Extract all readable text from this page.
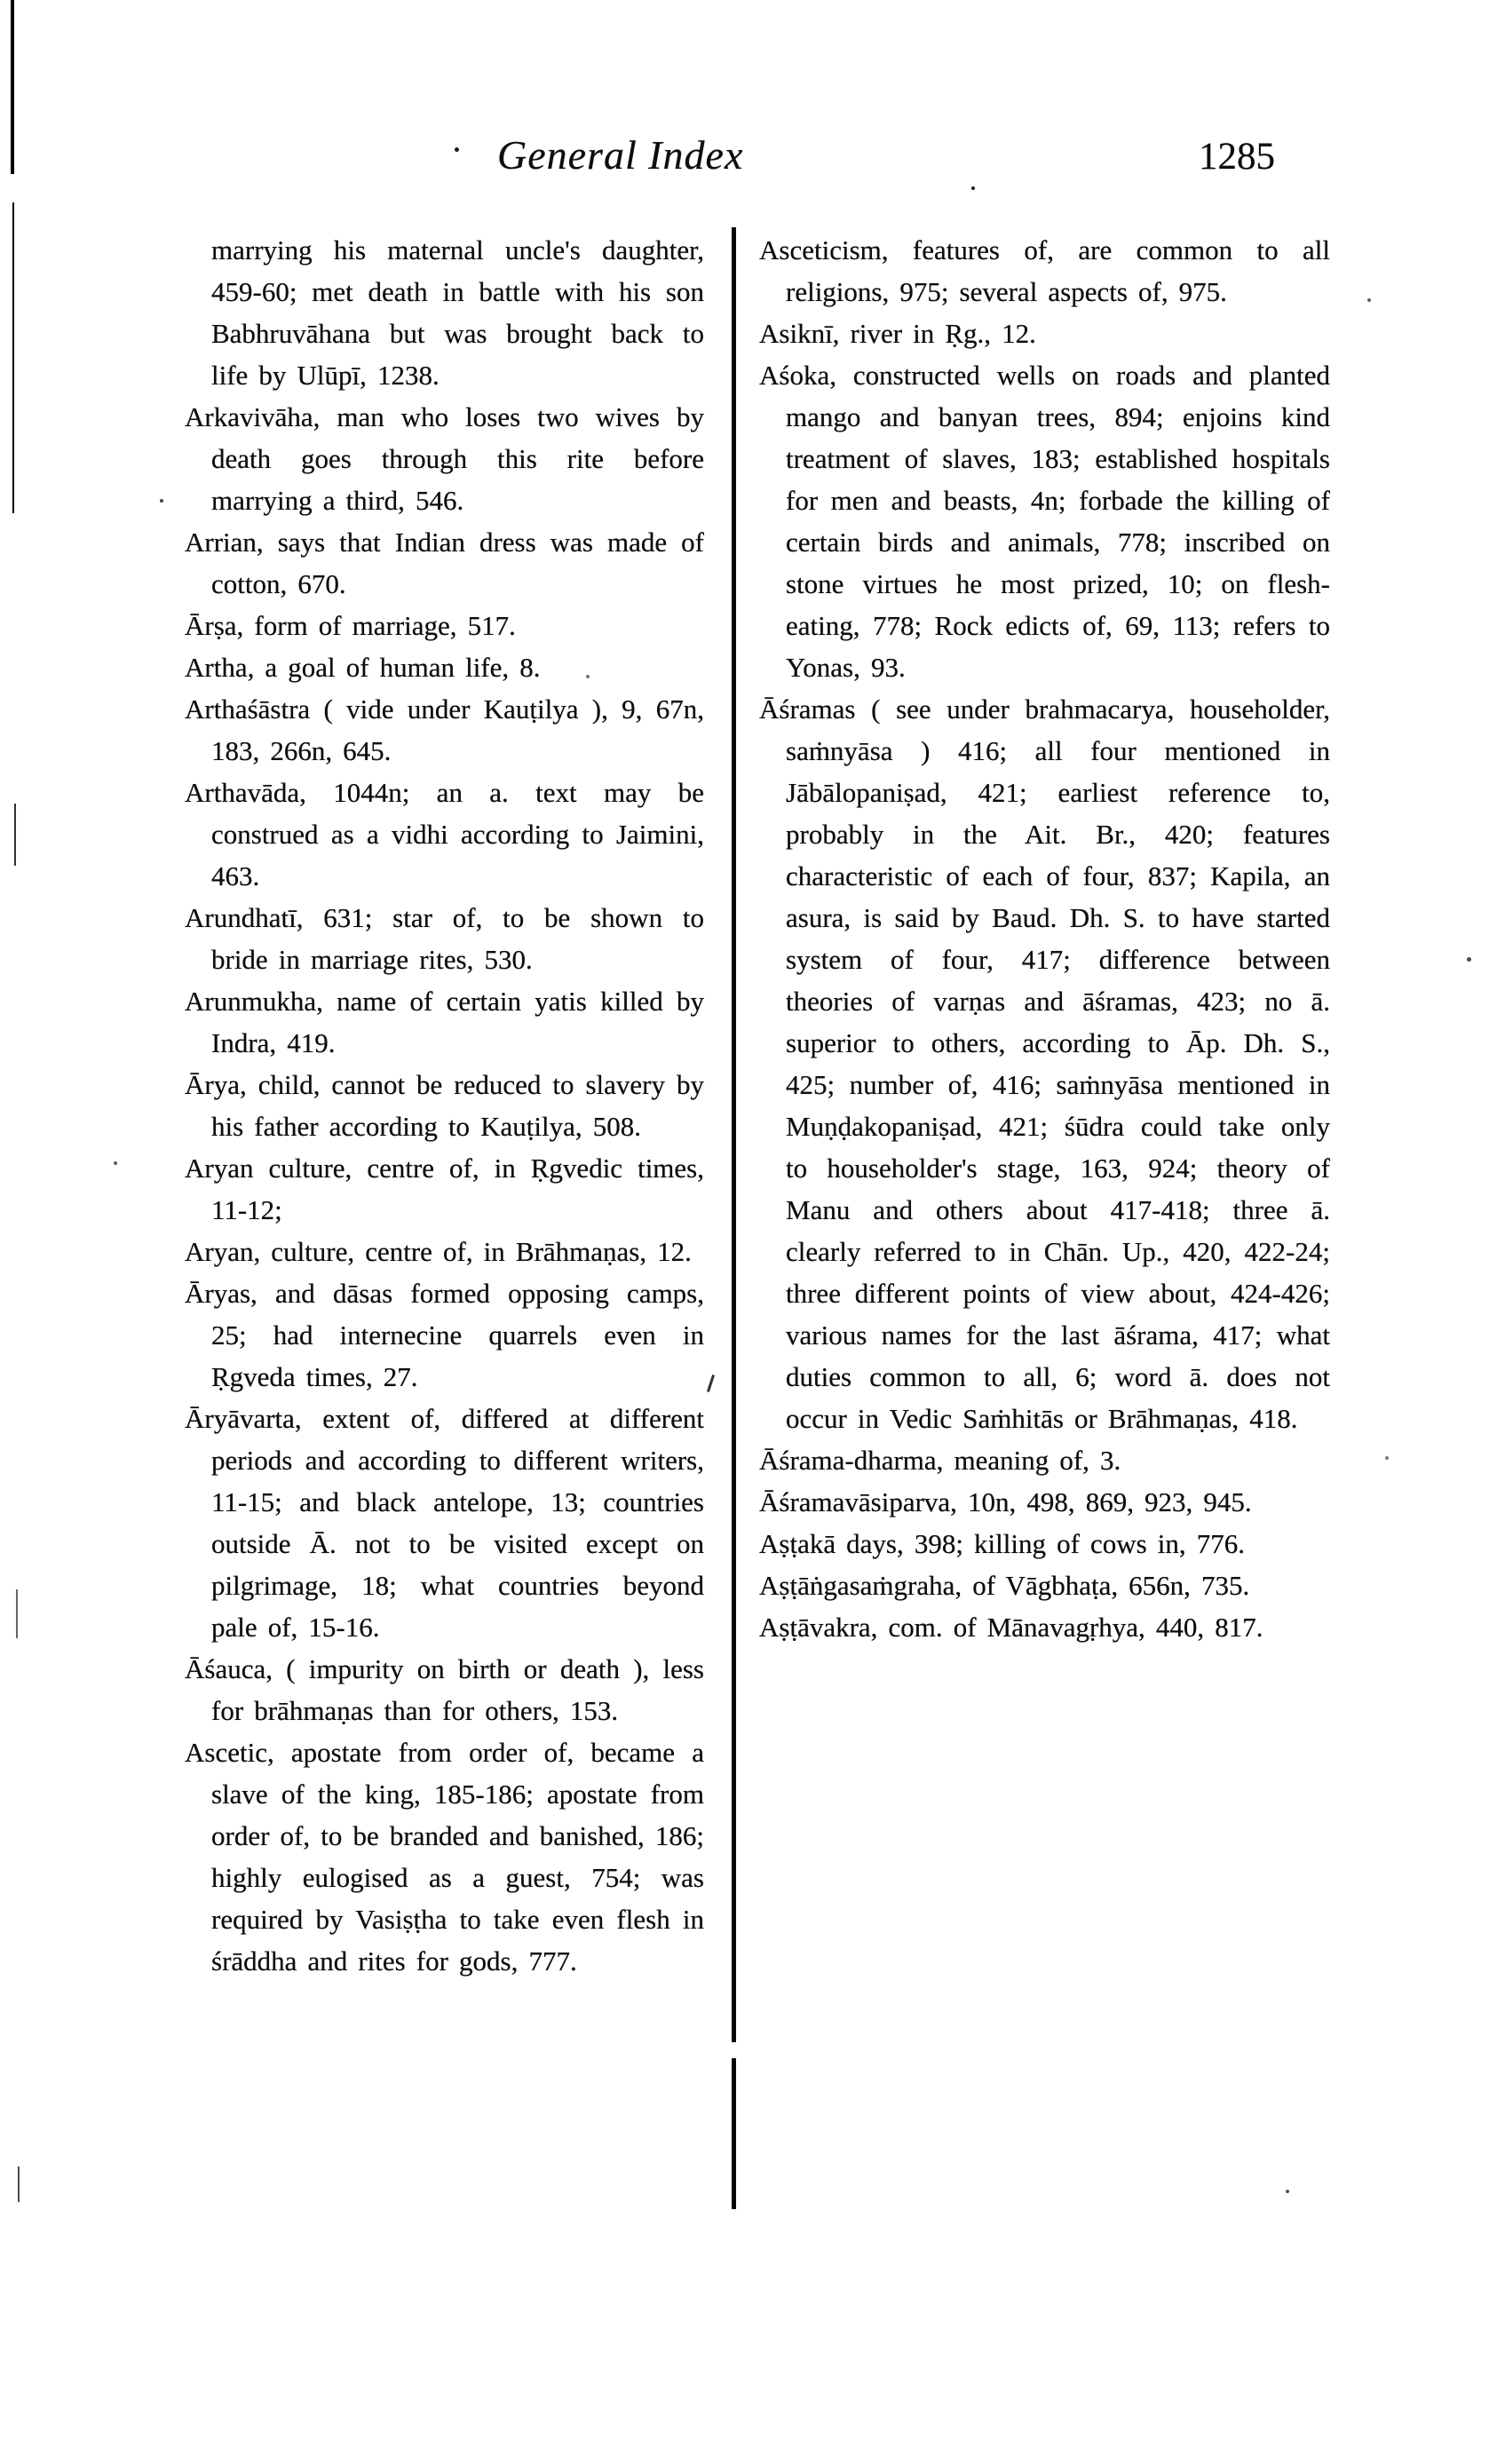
General Index	1285

marrying his maternal uncle's daughter, 459-60; met death in battle with his son Babhruvāhana but was brought back to life by Ulūpī, 1238.

Arkavivāha, man who loses two wives by death goes through this rite before marrying a third, 546.

Arrian, says that Indian dress was made of cotton, 670.

Ārṣa, form of marriage, 517.

Artha, a goal of human life, 8.

Arthaśāstra ( vide under Kauṭilya ), 9, 67n, 183, 266n, 645.

Arthavāda, 1044n; an a. text may be construed as a vidhi according to Jaimini, 463.

Arundhatī, 631; star of, to be shown to bride in marriage rites, 530.

Arunmukha, name of certain yatis killed by Indra, 419.

Ārya, child, cannot be reduced to slavery by his father according to Kauṭilya, 508.

Aryan culture, centre of, in Ṛgvedic times, 11-12;

Aryan, culture, centre of, in Brāhmaṇas, 12.

Āryas, and dāsas formed opposing camps, 25; had internecine quarrels even in Ṛgveda times, 27.

Āryāvarta, extent of, differed at different periods and according to different writers, 11-15; and black antelope, 13; countries outside Ā. not to be visited except on pilgrimage, 18; what countries beyond pale of, 15-16.

Āśauca, ( impurity on birth or death ), less for brāhmaṇas than for others, 153.

Ascetic, apostate from order of, became a slave of the king, 185-186; apostate from order of, to be branded and banished, 186; highly eulogised as a guest, 754; was required by Vasiṣṭha to take even flesh in śrāddha and rites for gods, 777.

Asceticism, features of, are common to all religions, 975; several aspects of, 975.

Asiknī, river in Ṛg., 12.

Aśoka, constructed wells on roads and planted mango and banyan trees, 894; enjoins kind treatment of slaves, 183; established hospitals for men and beasts, 4n; forbade the killing of certain birds and animals, 778; inscribed on stone virtues he most prized, 10; on flesh-eating, 778; Rock edicts of, 69, 113; refers to Yonas, 93.

Āśramas ( see under brahmacarya, householder, saṁnyāsa ) 416; all four mentioned in Jābālopaniṣad, 421; earliest reference to, probably in the Ait. Br., 420; features characteristic of each of four, 837; Kapila, an asura, is said by Baud. Dh. S. to have started system of four, 417; difference between theories of varṇas and āśramas, 423; no ā. superior to others, according to Āp. Dh. S., 425; number of, 416; saṁnyāsa mentioned in Muṇḍakopaniṣad, 421; śūdra could take only to householder's stage, 163, 924; theory of Manu and others about 417-418; three ā. clearly referred to in Chān. Up., 420, 422-24; three different points of view about, 424-426; various names for the last āśrama, 417; what duties common to all, 6; word ā. does not occur in Vedic Saṁhitās or Brāhmaṇas, 418.

Āśrama-dharma, meaning of, 3.

Āśramavāsiparva, 10n, 498, 869, 923, 945.

Aṣṭakā days, 398; killing of cows in, 776.

Aṣṭāṅgasaṁgraha, of Vāgbhaṭa, 656n, 735.

Aṣṭāvakra, com. of Mānavagṛhya, 440, 817.
